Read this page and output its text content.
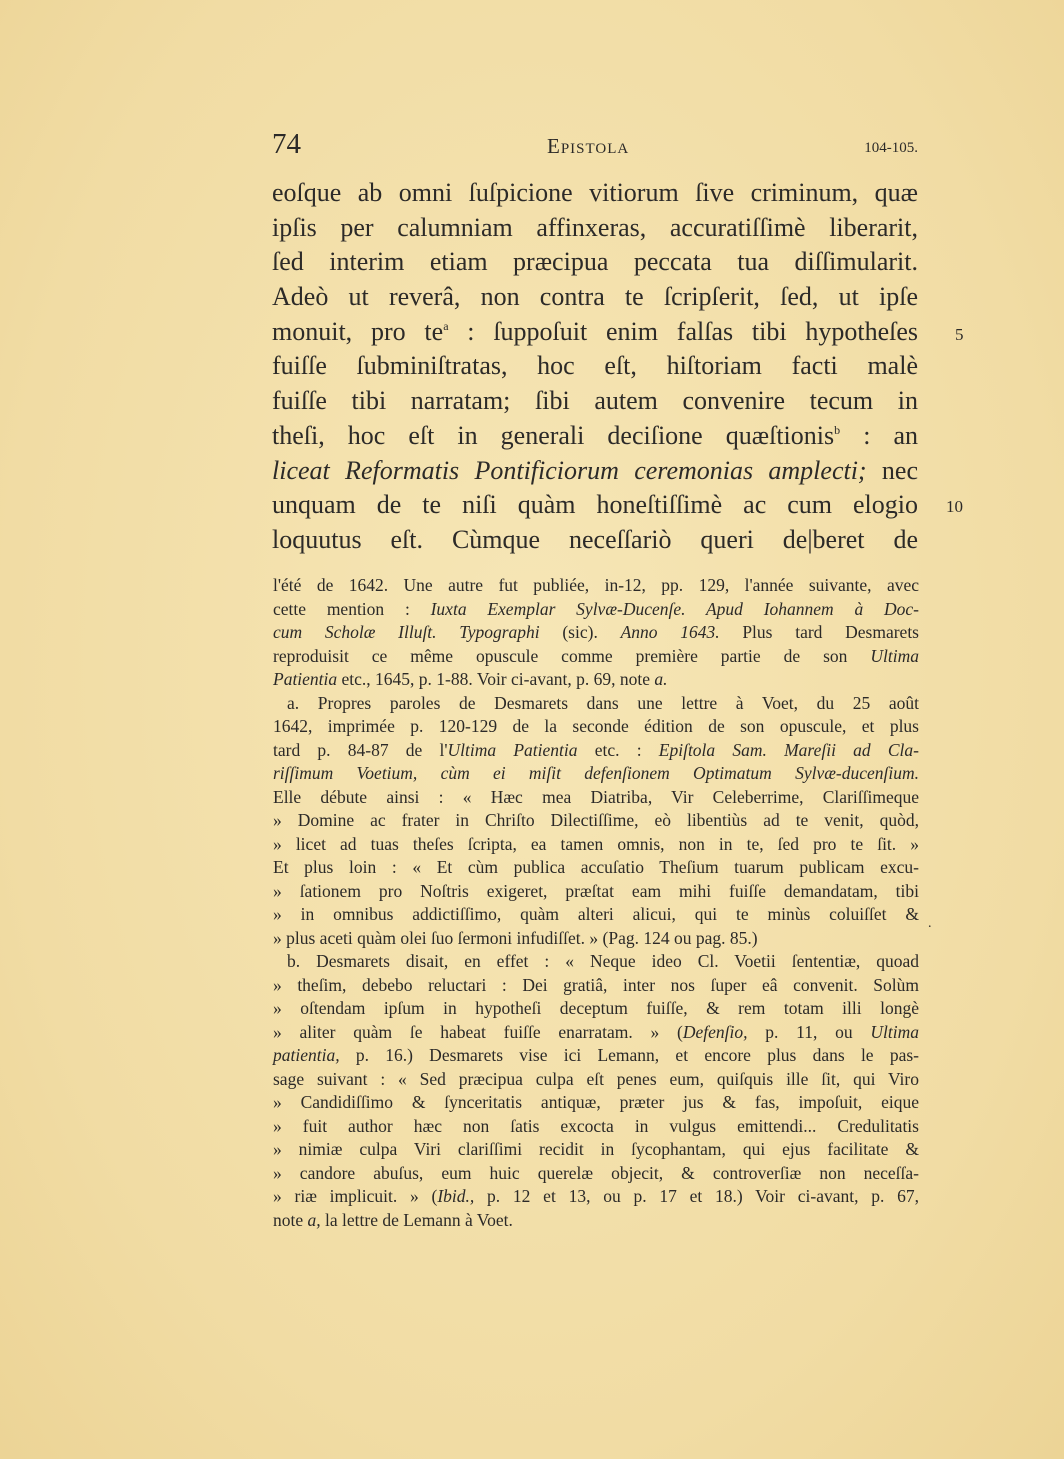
74	Epistola	104-105.
eoſque ab omni ſuſpicione vitiorum ſive criminum, quæ
ipſis per calumniam affinxeras, accuratiſſimè liberarit,
ſed interim etiam præcipua peccata tua diſſimularit.
Adeò ut reverâ, non contra te ſcripſerit, ſed, ut ipſe
monuit, pro $te^a$ : ſuppoſuit enim falſas tibi hypotheſes
fuiſſe ſubminiſtratas, hoc eſt, hiſtoriam facti malè
fuiſſe tibi narratam; ſibi autem convenire tecum in
theſi, hoc eſt in generali deciſione quæſtionis$^b$ : an
liceat Reformatis Pontificiorum ceremonias amplecti; nec
unquam de te niſi quàm honeſtiſſimè ac cum elogio
loquutus eſt. Cùmque neceſſariò queri de|beret de
5
10
l'été de 1642. Une autre fut publiée, in-12, pp. 129, l'année suivante, avec
cette mention : Iuxta Exemplar Sylvæ-Ducenſe. Apud Iohannem à Doc-
cum Scholæ Illuſt. Typographi (sic). Anno 1643. Plus tard Desmarets
reproduisit ce même opuscule comme première partie de son Ultima
Patientia etc., 1645, p. 1-88. Voir ci-avant, p. 69, note a.
a. Propres paroles de Desmarets dans une lettre à Voet, du 25 août
1642, imprimée p. 120-129 de la seconde édition de son opuscule, et plus
tard p. 84-87 de l'Ultima Patientia etc. : Epiſtola Sam. Mareſii ad Cla-
riſſimum Voetium, cùm ei miſit defenſionem Optimatum Sylvæ-ducenſium.
Elle débute ainsi : « Hæc mea Diatriba, Vir Celeberrime, Clariſſimeque
» Domine ac frater in Chriſto Dilectiſſime, eò libentiùs ad te venit, quòd,
» licet ad tuas theſes ſcripta, ea tamen omnis, non in te, ſed pro te ſit. »
Et plus loin : « Et cùm publica accuſatio Theſium tuarum publicam excu-
» ſationem pro Noſtris exigeret, præſtat eam mihi fuiſſe demandatam, tibi
» in omnibus addictiſſimo, quàm alteri alicui, qui te minùs coluiſſet &
» plus aceti quàm olei ſuo ſermoni infudiſſet. » (Pag. 124 ou pag. 85.)
b. Desmarets disait, en effet : « Neque ideo Cl. Voetii ſententiæ, quoad
» theſim, debebo reluctari : Dei gratiâ, inter nos ſuper eâ convenit. Solùm
» oſtendam ipſum in hypotheſi deceptum fuiſſe, & rem totam illi longè
» aliter quàm ſe habeat fuiſſe enarratam. » (Defenſio, p. 11, ou Ultima
patientia, p. 16.) Desmarets vise ici Lemann, et encore plus dans le pas-
sage suivant : « Sed præcipua culpa eſt penes eum, quiſquis ille ſit, qui Viro
» Candidiſſimo & ſynceritatis antiquæ, præter jus & fas, impoſuit, eique
» fuit author hæc non ſatis excocta in vulgus emittendi... Credulitatis
» nimiæ culpa Viri clariſſimi recidit in ſycophantam, qui ejus facilitate &
» candore abuſus, eum huic querelæ objecit, & controverſiæ non neceſſa-
» riæ implicuit. » (Ibid., p. 12 et 13, ou p. 17 et 18.) Voir ci-avant, p. 67,
note a, la lettre de Lemann à Voet.
.
